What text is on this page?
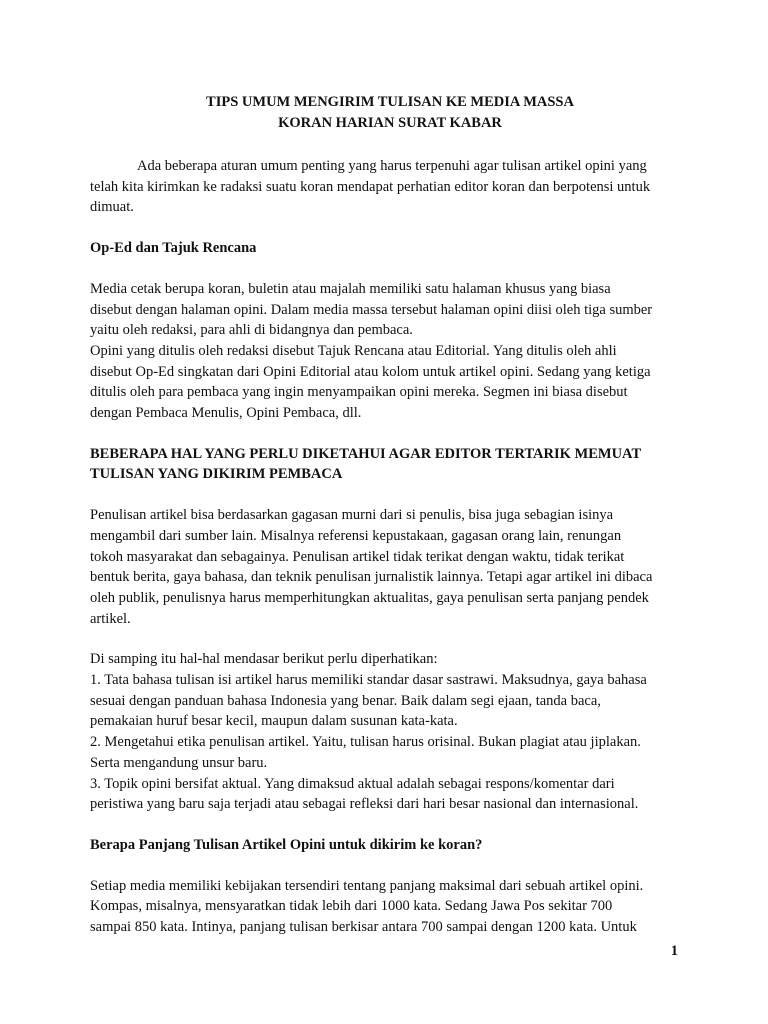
TIPS UMUM MENGIRIM TULISAN KE MEDIA MASSA
KORAN HARIAN SURAT KABAR
Ada beberapa aturan umum penting yang harus terpenuhi agar tulisan artikel opini yang
telah kita kirimkan ke radaksi suatu koran mendapat perhatian editor koran dan berpotensi untuk
dimuat.
Op-Ed dan Tajuk Rencana
Media cetak berupa koran, buletin atau majalah memiliki satu halaman khusus yang biasa
disebut dengan halaman opini. Dalam media massa tersebut halaman opini diisi oleh tiga sumber
yaitu oleh redaksi, para ahli di bidangnya dan pembaca.
Opini yang ditulis oleh redaksi disebut Tajuk Rencana atau Editorial. Yang ditulis oleh ahli
disebut Op-Ed singkatan dari Opini Editorial atau kolom untuk artikel opini. Sedang yang ketiga
ditulis oleh para pembaca yang ingin menyampaikan opini mereka. Segmen ini biasa disebut
dengan Pembaca Menulis, Opini Pembaca, dll.
BEBERAPA HAL YANG PERLU DIKETAHUI AGAR EDITOR TERTARIK MEMUAT
TULISAN YANG DIKIRIM PEMBACA
Penulisan artikel bisa berdasarkan gagasan murni dari si penulis, bisa juga sebagian isinya
mengambil dari sumber lain. Misalnya referensi kepustakaan, gagasan orang lain, renungan
tokoh masyarakat dan sebagainya. Penulisan artikel tidak terikat dengan waktu, tidak terikat
bentuk berita, gaya bahasa, dan teknik penulisan jurnalistik lainnya. Tetapi agar artikel ini dibaca
oleh publik, penulisnya harus memperhitungkan aktualitas, gaya penulisan serta panjang pendek
artikel.
Di samping itu hal-hal mendasar berikut perlu diperhatikan:
1. Tata bahasa tulisan isi artikel harus memiliki standar dasar sastrawi. Maksudnya, gaya bahasa
sesuai dengan panduan bahasa Indonesia yang benar. Baik dalam segi ejaan, tanda baca,
pemakaian huruf besar kecil, maupun dalam susunan kata-kata.
2. Mengetahui etika penulisan artikel. Yaitu, tulisan harus orisinal. Bukan plagiat atau jiplakan.
Serta mengandung unsur baru.
3. Topik opini bersifat aktual. Yang dimaksud aktual adalah sebagai respons/komentar dari
peristiwa yang baru saja terjadi atau sebagai refleksi dari hari besar nasional dan internasional.
Berapa Panjang Tulisan Artikel Opini untuk dikirim ke koran?
Setiap media memiliki kebijakan tersendiri tentang panjang maksimal dari sebuah artikel opini.
Kompas, misalnya, mensyaratkan tidak lebih dari 1000 kata. Sedang Jawa Pos sekitar 700
sampai 850 kata. Intinya, panjang tulisan berkisar antara 700 sampai dengan 1200 kata. Untuk
1
